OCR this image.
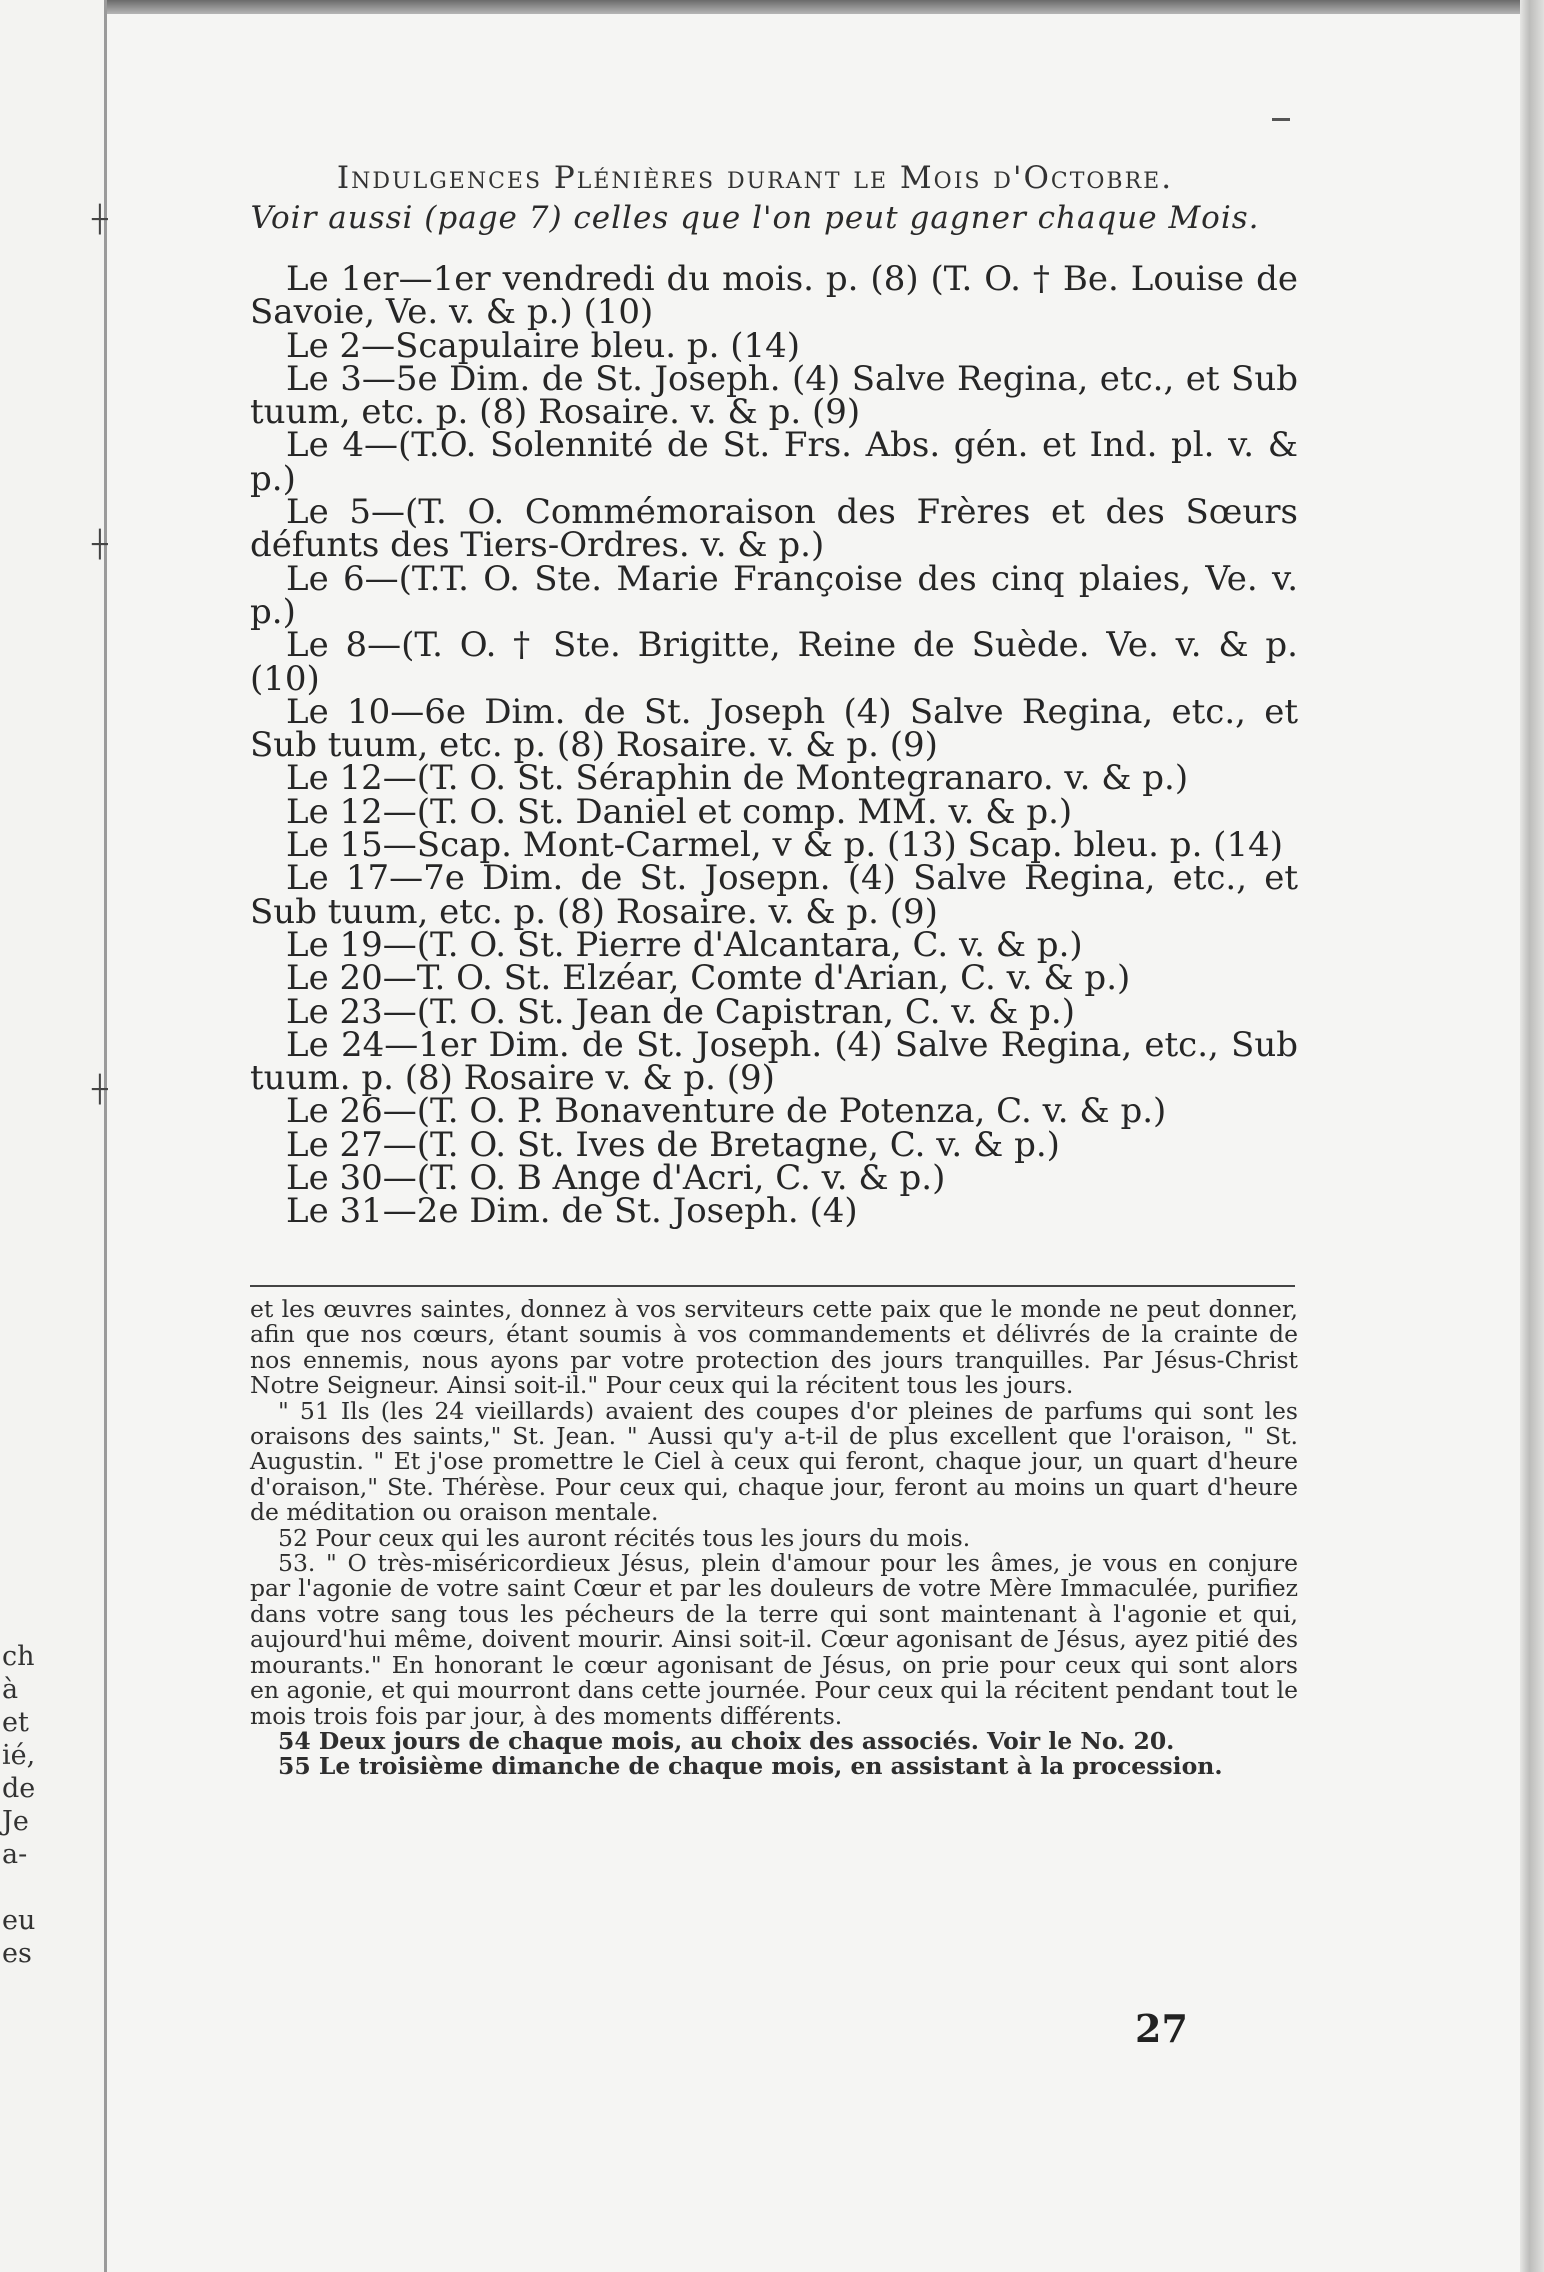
ch
à
et
ié,
de
Je
a-
eu
es
┼
┼
┼
Indulgences Plénières durant le Mois d'Octobre.
Voir aussi (page 7) celles que l'on peut gagner chaque Mois.
Le 1er—1er vendredi du mois. p. (8) (T. O. † Be. Louise de Savoie, Ve. v. & p.) (10)
Le 2—Scapulaire bleu. p. (14)
Le 3—5e Dim. de St. Joseph. (4) Salve Regina, etc., et Sub tuum, etc. p. (8) Rosaire. v. & p. (9)
Le 4—(T.O. Solennité de St. Frs. Abs. gén. et Ind. pl. v. & p.)
Le 5—(T. O. Commémoraison des Frères et des Sœurs défunts des Tiers-Ordres. v. & p.)
Le 6—(T.T. O. Ste. Marie Françoise des cinq plaies, Ve. v. p.)
Le 8—(T. O. † Ste. Brigitte, Reine de Suède. Ve. v. & p. (10)
Le 10—6e Dim. de St. Joseph (4) Salve Regina, etc., et Sub tuum, etc. p. (8) Rosaire. v. & p. (9)
Le 12—(T. O. St. Séraphin de Montegranaro. v. & p.)
Le 12—(T. O. St. Daniel et comp. MM. v. & p.)
Le 15—Scap. Mont-Carmel, v & p. (13) Scap. bleu. p. (14)
Le 17—7e Dim. de St. Josepn. (4) Salve Regina, etc., et Sub tuum, etc. p. (8) Rosaire. v. & p. (9)
Le 19—(T. O. St. Pierre d'Alcantara, C. v. & p.)
Le 20—T. O. St. Elzéar, Comte d'Arian, C. v. & p.)
Le 23—(T. O. St. Jean de Capistran, C. v. & p.)
Le 24—1er Dim. de St. Joseph. (4) Salve Regina, etc., Sub tuum. p. (8) Rosaire v. & p. (9)
Le 26—(T. O. P. Bonaventure de Potenza, C. v. & p.)
Le 27—(T. O. St. Ives de Bretagne, C. v. & p.)
Le 30—(T. O. B Ange d'Acri, C. v. & p.)
Le 31—2e Dim. de St. Joseph. (4)
et les œuvres saintes, donnez à vos serviteurs cette paix que le monde ne peut donner, afin que nos cœurs, étant soumis à vos commandements et délivrés de la crainte de nos ennemis, nous ayons par votre protection des jours tranquilles. Par Jésus-Christ Notre Seigneur. Ainsi soit-il." Pour ceux qui la récitent tous les jours.
" 51 Ils (les 24 vieillards) avaient des coupes d'or pleines de parfums qui sont les oraisons des saints," St. Jean. " Aussi qu'y a-t-il de plus excellent que l'oraison, " St. Augustin. " Et j'ose promettre le Ciel à ceux qui feront, chaque jour, un quart d'heure d'oraison," Ste. Thérèse. Pour ceux qui, chaque jour, feront au moins un quart d'heure de méditation ou oraison mentale.
52 Pour ceux qui les auront récités tous les jours du mois.
53. " O très-miséricordieux Jésus, plein d'amour pour les âmes, je vous en conjure par l'agonie de votre saint Cœur et par les douleurs de votre Mère Immaculée, purifiez dans votre sang tous les pécheurs de la terre qui sont maintenant à l'agonie et qui, aujourd'hui même, doivent mourir. Ainsi soit-il. Cœur agonisant de Jésus, ayez pitié des mourants." En honorant le cœur agonisant de Jésus, on prie pour ceux qui sont alors en agonie, et qui mourront dans cette journée. Pour ceux qui la récitent pendant tout le mois trois fois par jour, à des moments différents.
54 Deux jours de chaque mois, au choix des associés. Voir le No. 20.
55 Le troisième dimanche de chaque mois, en assistant à la procession.
27
